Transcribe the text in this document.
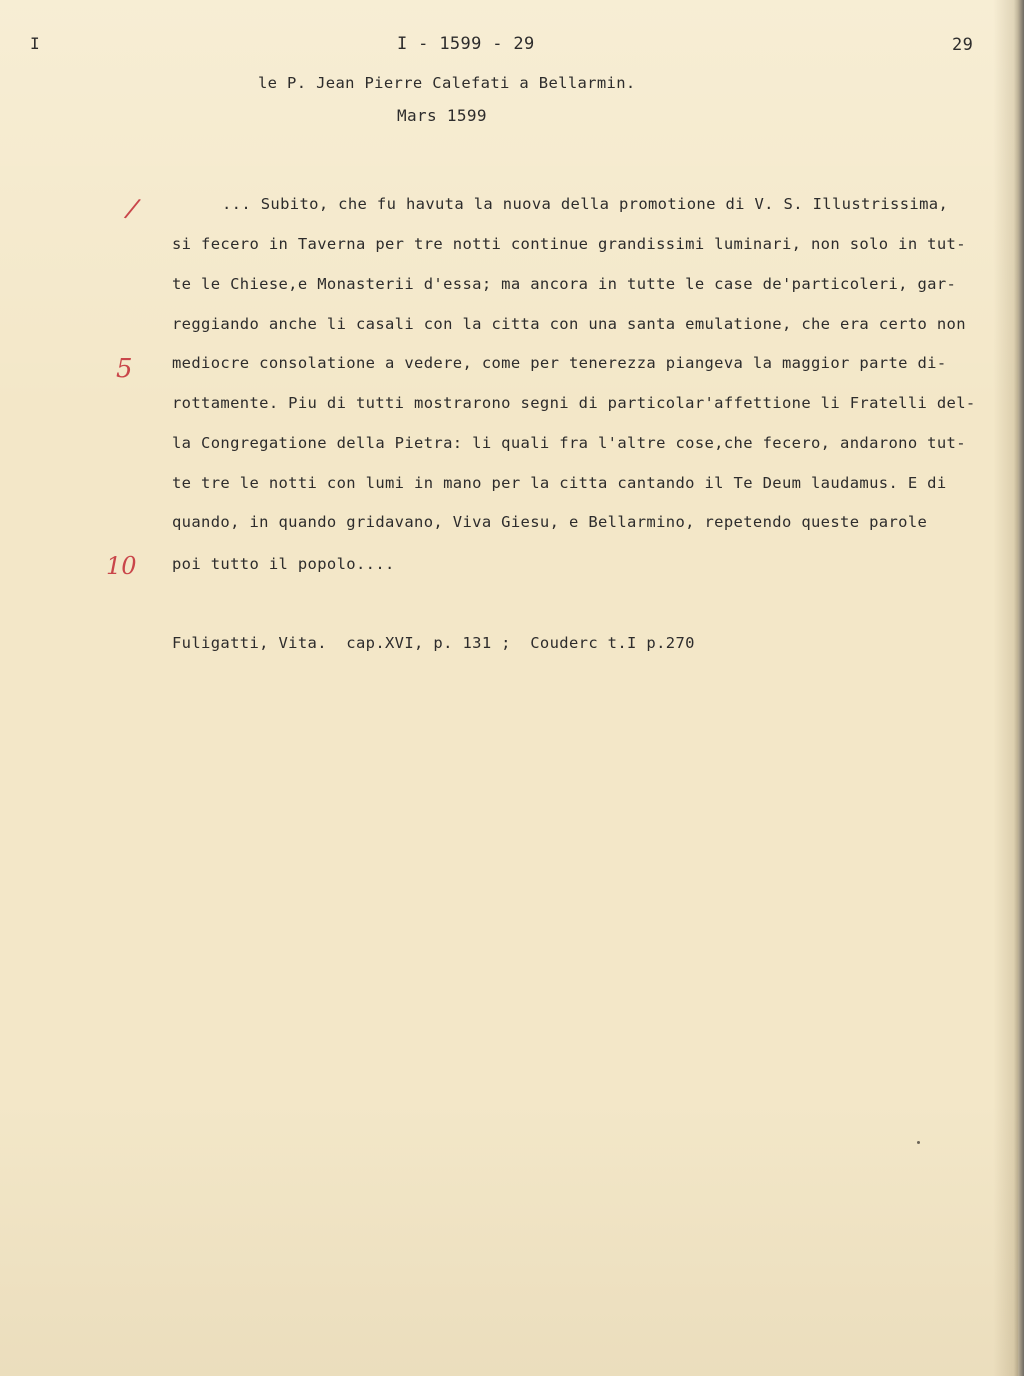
I	I - 1599 - 29	29
le P. Jean Pierre Calefati a Bellarmin.
Mars 1599
/
5
10
... Subito, che fu havuta la nuova della promotione di V. S. Illustrissima,
si fecero in Taverna per tre notti continue grandissimi luminari, non solo in tut-
te le Chiese,e Monasterii d'essa; ma ancora in tutte le case de'particoleri, gar-
reggiando anche li casali con la citta con una santa emulatione, che era certo non
mediocre consolatione a vedere, come per tenerezza piangeva la maggior parte di-
rottamente. Piu di tutti mostrarono segni di particolar'affettione li Fratelli del-
la Congregatione della Pietra: li quali fra l'altre cose,che fecero, andarono tut-
te tre le notti con lumi in mano per la citta cantando il Te Deum laudamus. E di
quando, in quando gridavano, Viva Giesu, e Bellarmino, repetendo queste parole
poi tutto il popolo....
Fuligatti, Vita.  cap.XVI, p. 131 ;  Couderc t.I p.270
